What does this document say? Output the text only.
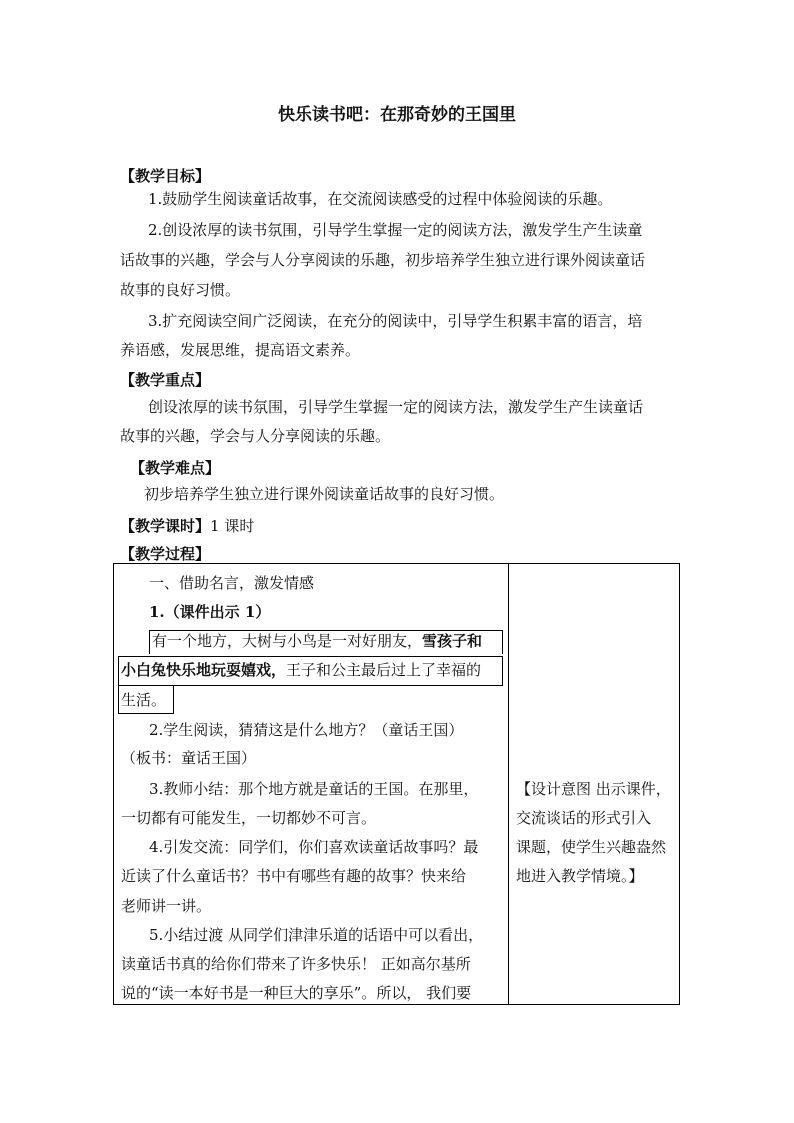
快乐读书吧：在那奇妙的王国里
【教学目标】
1.鼓励学生阅读童话故事，在交流阅读感受的过程中体验阅读的乐趣。
2.创设浓厚的读书氛围，引导学生掌握一定的阅读方法，激发学生产生读童
话故事的兴趣，学会与人分享阅读的乐趣，初步培养学生独立进行课外阅读童话
故事的良好习惯。
3.扩充阅读空间广泛阅读，在充分的阅读中，引导学生积累丰富的语言，培
养语感，发展思维，提高语文素养。
【教学重点】
创设浓厚的读书氛围，引导学生掌握一定的阅读方法，激发学生产生读童话
故事的兴趣，学会与人分享阅读的乐趣。
【教学难点】
初步培养学生独立进行课外阅读童话故事的良好习惯。
【教学课时】1 课时
【教学过程】
一、借助名言，激发情感
1.（课件出示 1）
有一个地方，大树与小鸟是一对好朋友，雪孩子和
小白兔快乐地玩耍嬉戏，王子和公主最后过上了幸福的
生活。
2.学生阅读，猜猜这是什么地方？（童话王国）
（板书：童话王国）
3.教师小结：那个地方就是童话的王国。在那里，
一切都有可能发生，一切都妙不可言。
4.引发交流：同学们，你们喜欢读童话故事吗？最
近读了什么童话书？书中有哪些有趣的故事？快来给
老师讲一讲。
5.小结过渡 从同学们津津乐道的话语中可以看出，
读童话书真的给你们带来了许多快乐！ 正如高尔基所
说的“读一本好书是一种巨大的享乐”。所以， 我们要
【设计意图 出示课件，
交流谈话的形式引入
课题，使学生兴趣盎然
地进入教学情境。】
